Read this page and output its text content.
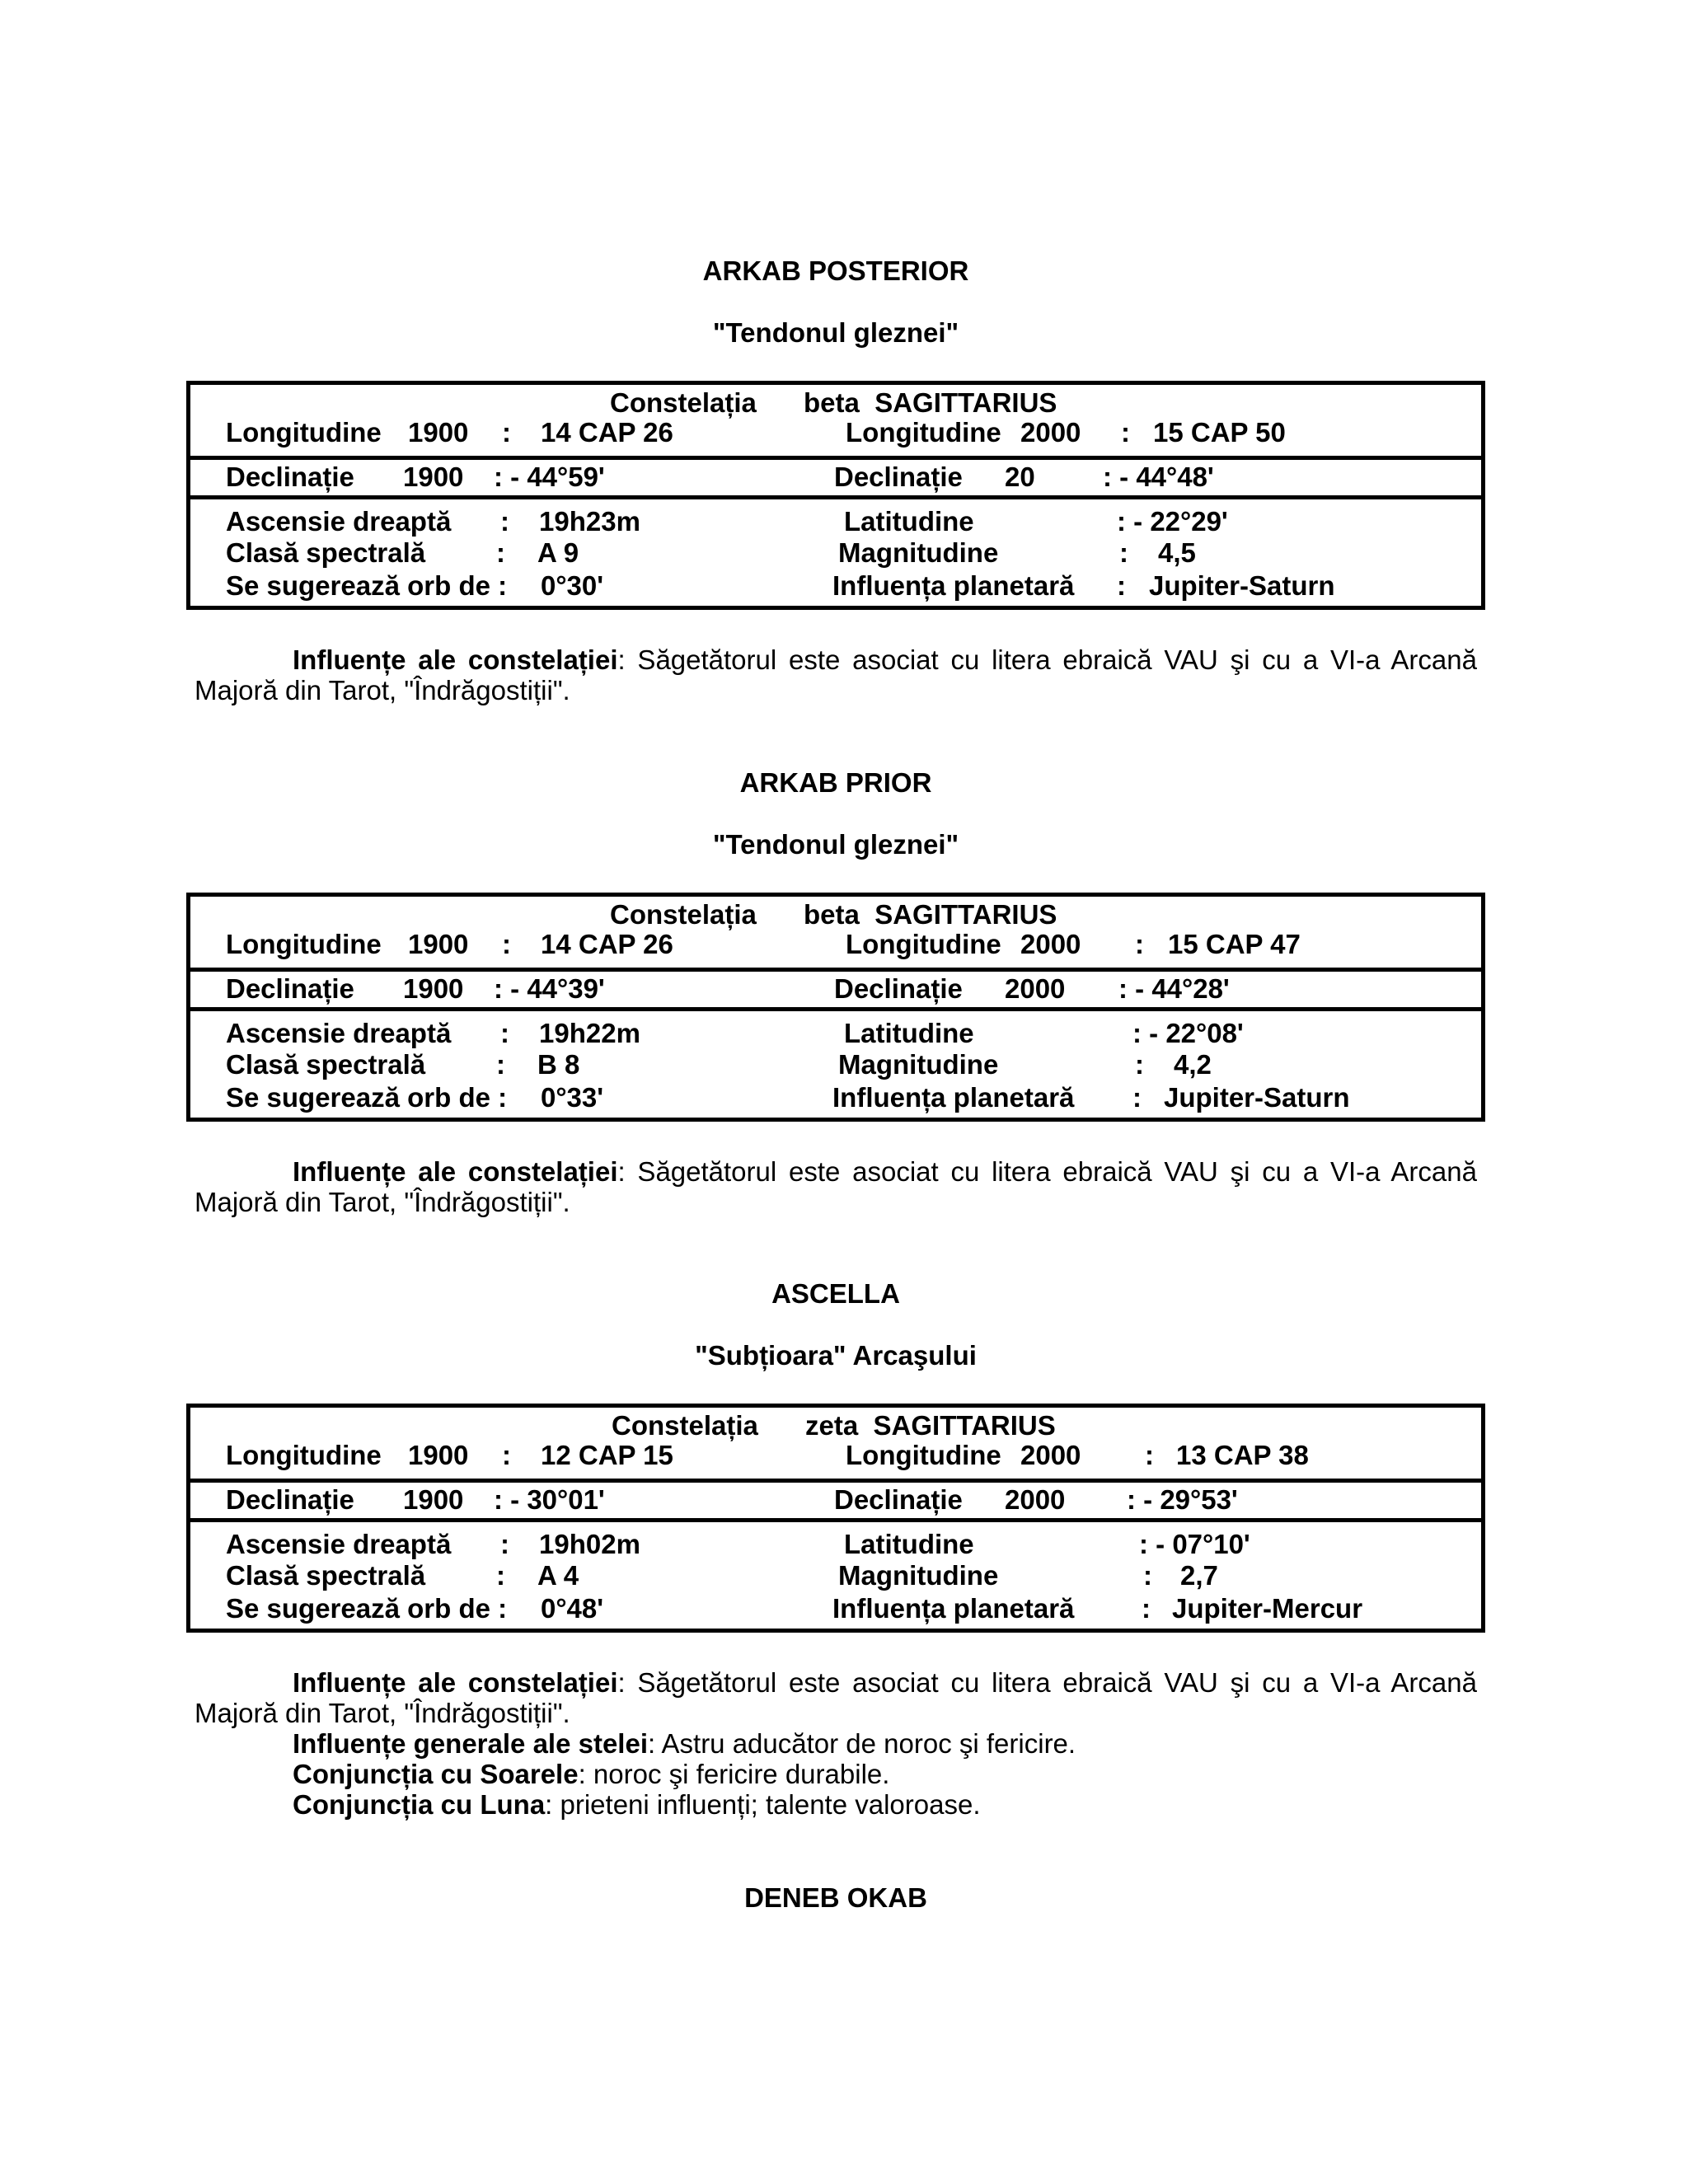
ARKAB POSTERIOR
"Tendonul gleznei"
Constelația beta  SAGITTARIUS
Longitudine 1900 : 14 CAP 26	Longitudine 2000 : 15 CAP 50
Declinație 1900 : - 44°59'	Declinație 20 : - 44°48'
Ascensie dreaptă : 19h23m	Latitudine	: - 22°29'
Clasă spectrală	: A 9	Magnitudine	: 4,5
Se sugerează orb de : 0°30'	Influența planetară : Jupiter-Saturn

Influențe ale constelației: Săgetătorul este asociat cu litera ebraică VAU şi cu a VI-a Arcană Majoră din Tarot, "Îndrăgostiții".

ARKAB PRIOR
"Tendonul gleznei"
Constelația beta  SAGITTARIUS
Longitudine 1900 : 14 CAP 26	Longitudine 2000 : 15 CAP 47
Declinație 1900 : - 44°39'	Declinație 2000 : - 44°28'
Ascensie dreaptă : 19h22m	Latitudine	: - 22°08'
Clasă spectrală	: B 8	Magnitudine	: 4,2
Se sugerează orb de : 0°33'	Influența planetară : Jupiter-Saturn

Influențe ale constelației: Săgetătorul este asociat cu litera ebraică VAU şi cu a VI-a Arcană Majoră din Tarot, "Îndrăgostiții".

ASCELLA
"Subțioara" Arcaşului
Constelația zeta  SAGITTARIUS
Longitudine 1900 : 12 CAP 15	Longitudine 2000 : 13 CAP 38
Declinație 1900 : - 30°01'	Declinație 2000 : - 29°53'
Ascensie dreaptă : 19h02m	Latitudine	: - 07°10'
Clasă spectrală	: A 4	Magnitudine	: 2,7
Se sugerează orb de : 0°48'	Influența planetară : Jupiter-Mercur

Influențe ale constelației: Săgetătorul este asociat cu litera ebraică VAU şi cu a VI-a Arcană Majoră din Tarot, "Îndrăgostiții".

Influențe generale ale stelei: Astru aducător de noroc şi fericire.

Conjuncția cu Soarele: noroc şi fericire durabile.

Conjuncția cu Luna: prieteni influenți; talente valoroase.

DENEB OKAB
